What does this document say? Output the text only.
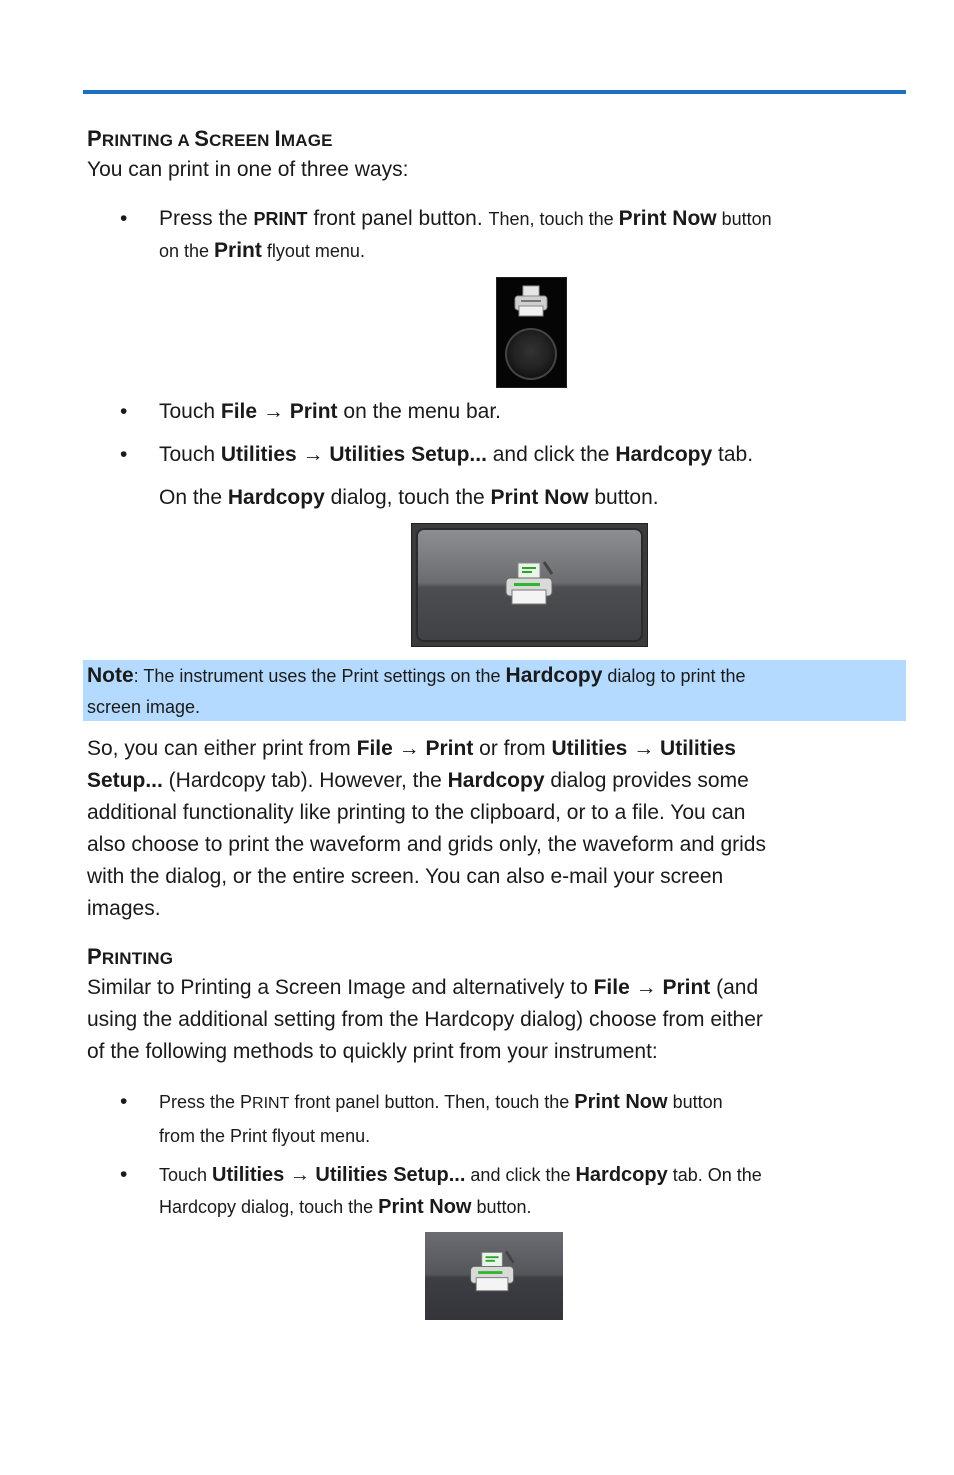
PRINTING A SCREEN IMAGE
You can print in one of three ways:
•	Press the PRINT front panel button. Then, touch the Print Now button
on the Print flyout menu.
•	Touch File → Print on the menu bar.
•	Touch Utilities → Utilities Setup... and click the Hardcopy tab.
On the Hardcopy dialog, touch the Print Now button.
Note: The instrument uses the Print settings on the Hardcopy dialog to print the
screen image.
So, you can either print from File → Print or from Utilities → Utilities
Setup... (Hardcopy tab). However, the Hardcopy dialog provides some
additional functionality like printing to the clipboard, or to a file. You can
also choose to print the waveform and grids only, the waveform and grids
with the dialog, or the entire screen. You can also e-mail your screen
images.
PRINTING
Similar to Printing a Screen Image and alternatively to File → Print (and
using the additional setting from the Hardcopy dialog) choose from either
of the following methods to quickly print from your instrument:
•	Press the PRINT front panel button. Then, touch the Print Now button
from the Print flyout menu.
•	Touch Utilities → Utilities Setup... and click the Hardcopy tab. On the
Hardcopy dialog, touch the Print Now button.
